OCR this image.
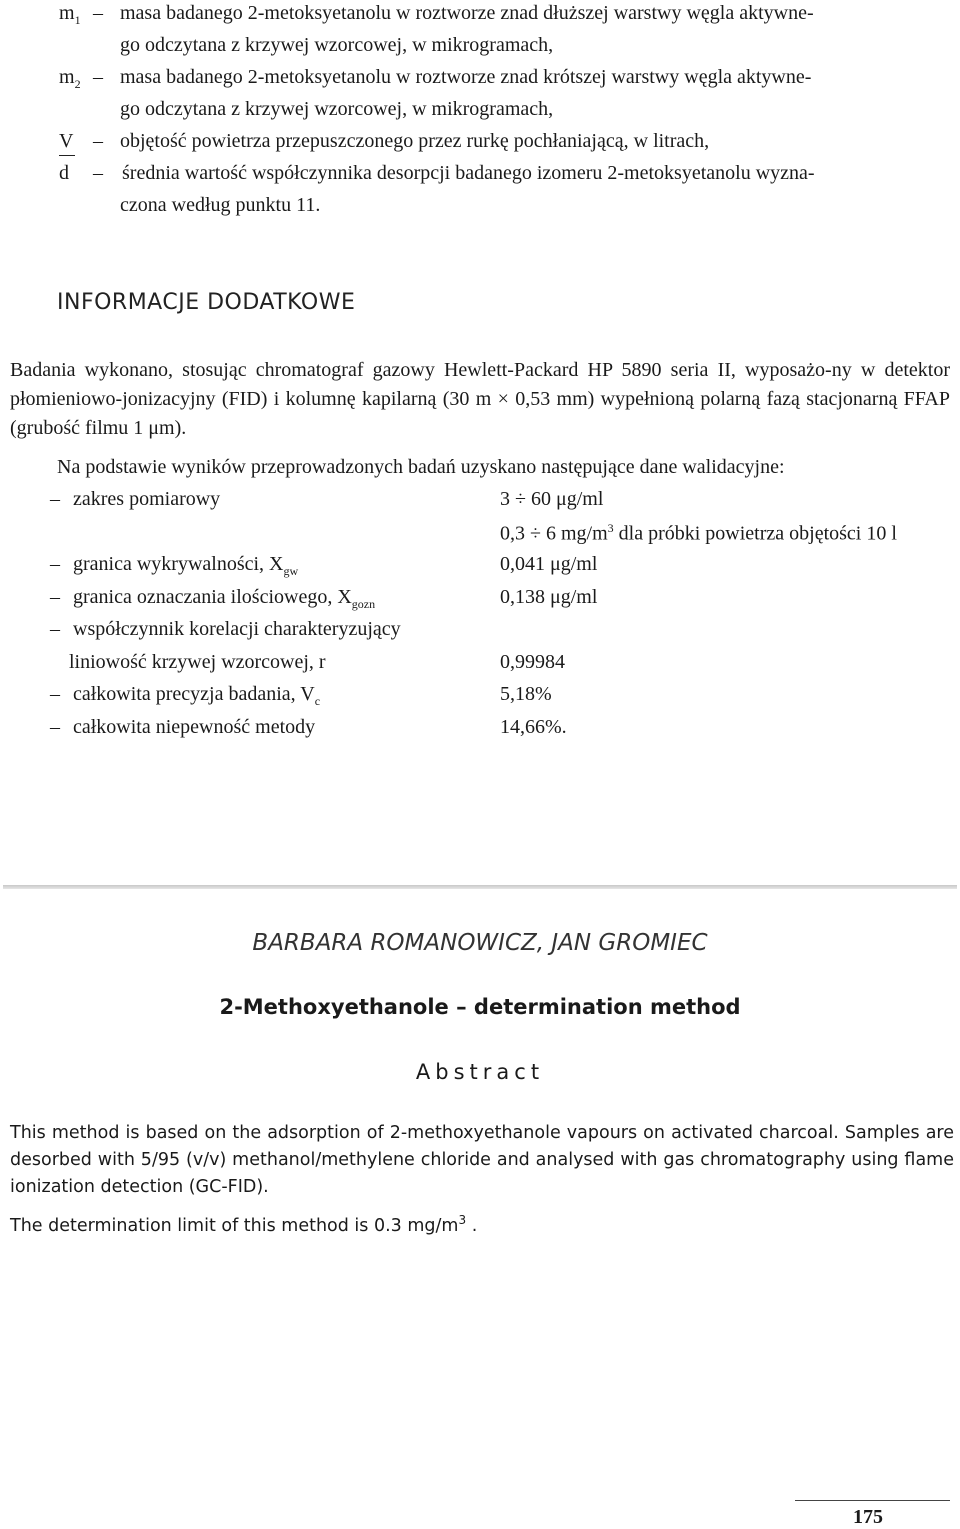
$m_1$ – masa badanego 2-metoksyetanolu w roztworze znad dłuższej warstwy węgla aktywne-
go odczytana z krzywej wzorcowej, w mikrogramach,
$m_2$ – masa badanego 2-metoksyetanolu w roztworze znad krótszej warstwy węgla aktywne-
go odczytana z krzywej wzorcowej, w mikrogramach,
V – objętość powietrza przepuszczonego przez rurkę pochłaniającą, w litrach,
d – średnia wartość współczynnika desorpcji badanego izomeru 2-metoksyetanolu wyzna-
czona według punktu 11.
INFORMACJE DODATKOWE
Badania wykonano, stosując chromatograf gazowy Hewlett-Packard HP 5890 seria II, wyposażo-ny w detektor płomieniowo-jonizacyjny (FID) i kolumnę kapilarną (30 m × 0,53 mm) wypełnioną polarną fazą stacjonarną FFAP (grubość filmu 1 μm).
Na podstawie wyników przeprowadzonych badań uzyskano następujące dane walidacyjne:
– zakres pomiarowy	3 ÷ 60 μg/ml
0,3 ÷ 6 $mg/m^3$ dla próbki powietrza objętości 10 l
– granica wykrywalności, $X_{gw}$	0,041 μg/ml
– granica oznaczania ilościowego, $X_{gozn}$	0,138 μg/ml
– współczynnik korelacji charakteryzujący
liniowość krzywej wzorcowej, r	0,99984
– całkowita precyzja badania, $V_c$	5,18%
– całkowita niepewność metody	14,66%.
BARBARA ROMANOWICZ, JAN GROMIEC
2-Methoxyethanole – determination method
Abstract
This method is based on the adsorption of 2-methoxyethanole vapours on activated charcoal. Samples are desorbed with 5/95 (v/v) methanol/methylene chloride and analysed with gas chromatography using flame ionization detection (GC-FID).
The determination limit of this method is 0.3 $mg/m^3$ .
175
